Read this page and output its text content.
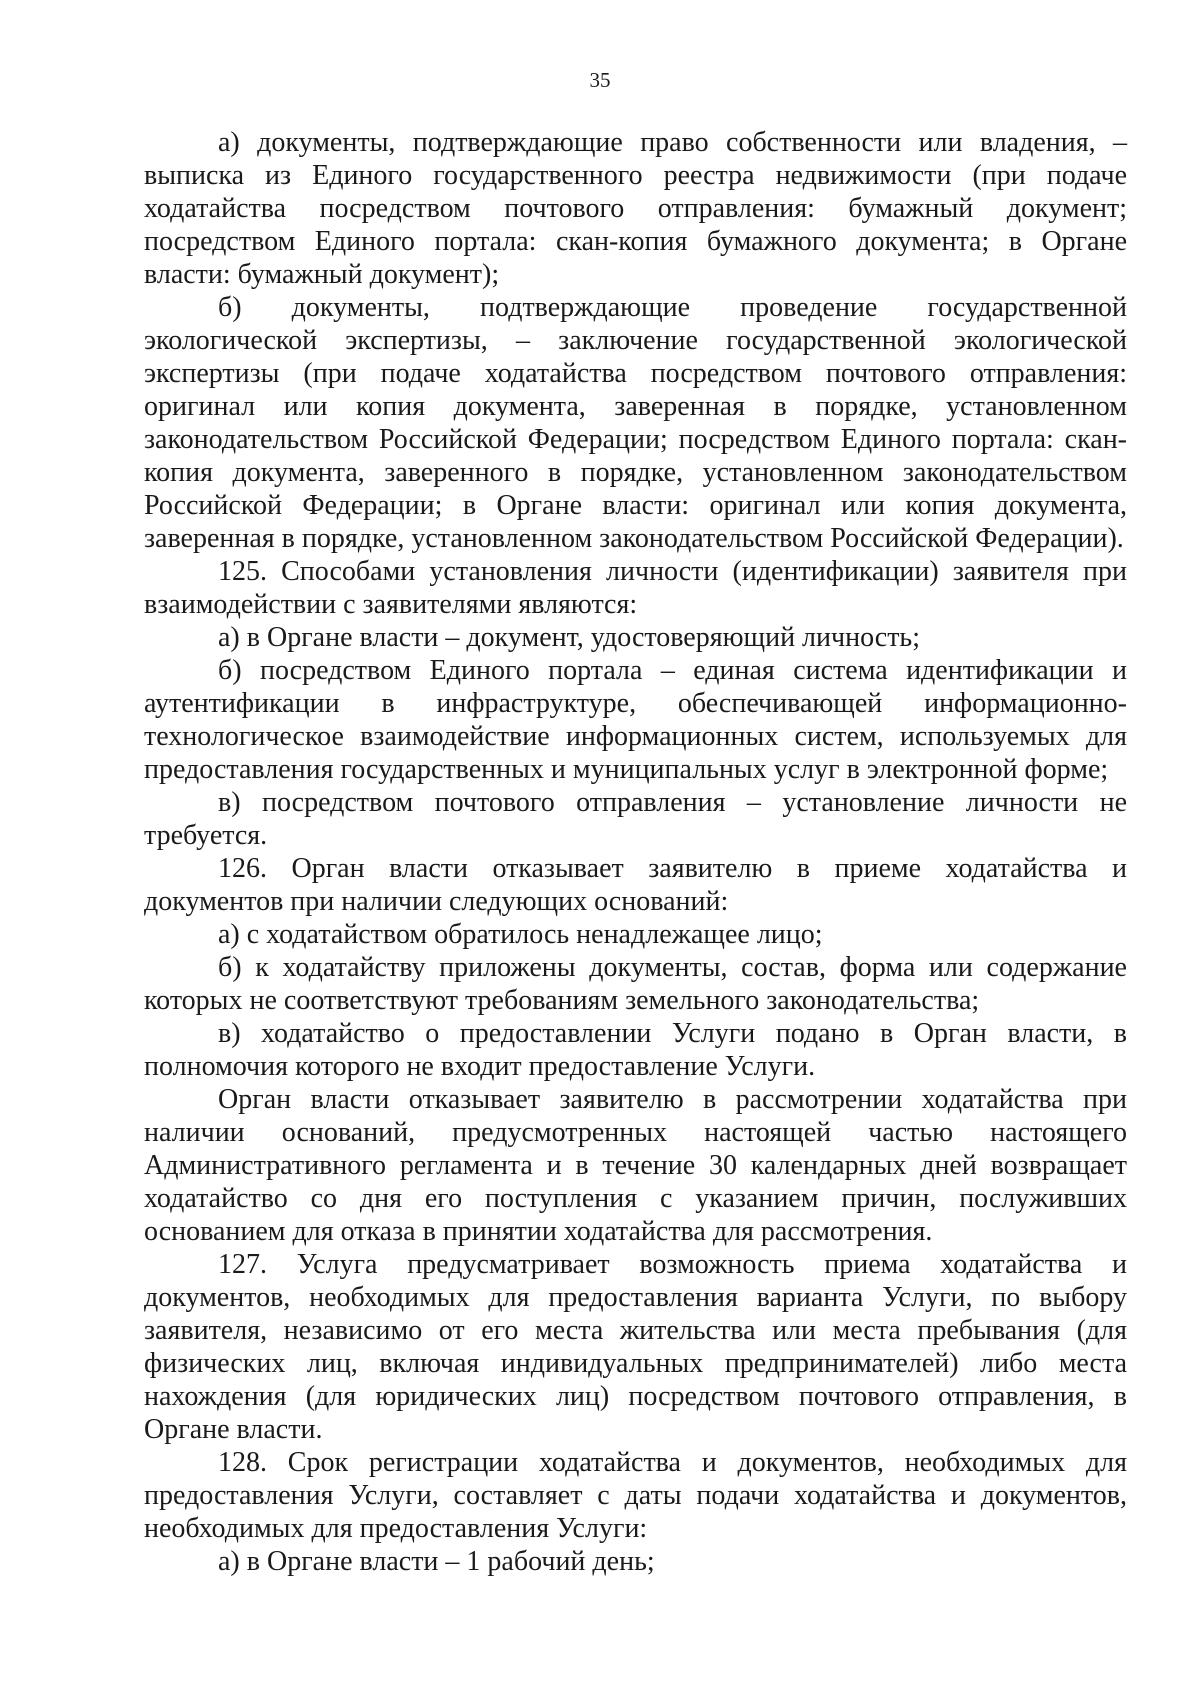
35

а) документы, подтверждающие право собственности или владения, – выписка из Единого государственного реестра недвижимости (при подаче ходатайства посредством почтового отправления: бумажный документ; посредством Единого портала: скан-копия бумажного документа; в Органе власти: бумажный документ);

б) документы, подтверждающие проведение государственной экологической экспертизы, – заключение государственной экологической экспертизы (при подаче ходатайства посредством почтового отправления: оригинал или копия документа, заверенная в порядке, установленном законодательством Российской Федерации; посредством Единого портала: скан-копия документа, заверенного в порядке, установленном законодательством Российской Федерации; в Органе власти: оригинал или копия документа, заверенная в порядке, установленном законодательством Российской Федерации).

125. Способами установления личности (идентификации) заявителя при взаимодействии с заявителями являются:

а) в Органе власти – документ, удостоверяющий личность;

б) посредством Единого портала – единая система идентификации и аутентификации в инфраструктуре, обеспечивающей информационно-технологическое взаимодействие информационных систем, используемых для предоставления государственных и муниципальных услуг в электронной форме;

в) посредством почтового отправления – установление личности не требуется.

126. Орган власти отказывает заявителю в приеме ходатайства и документов при наличии следующих оснований:

а) с ходатайством обратилось ненадлежащее лицо;

б) к ходатайству приложены документы, состав, форма или содержание которых не соответствуют требованиям земельного законодательства;

в) ходатайство о предоставлении Услуги подано в Орган власти, в полномочия которого не входит предоставление Услуги.

Орган власти отказывает заявителю в рассмотрении ходатайства при наличии оснований, предусмотренных настоящей частью настоящего Административного регламента и в течение 30 календарных дней возвращает ходатайство со дня его поступления с указанием причин, послуживших основанием для отказа в принятии ходатайства для рассмотрения.

127. Услуга предусматривает возможность приема ходатайства и документов, необходимых для предоставления варианта Услуги, по выбору заявителя, независимо от его места жительства или места пребывания (для физических лиц, включая индивидуальных предпринимателей) либо места нахождения (для юридических лиц) посредством почтового отправления, в Органе власти.

128. Срок регистрации ходатайства и документов, необходимых для предоставления Услуги, составляет с даты подачи ходатайства и документов, необходимых для предоставления Услуги:

а) в Органе власти – 1 рабочий день;
